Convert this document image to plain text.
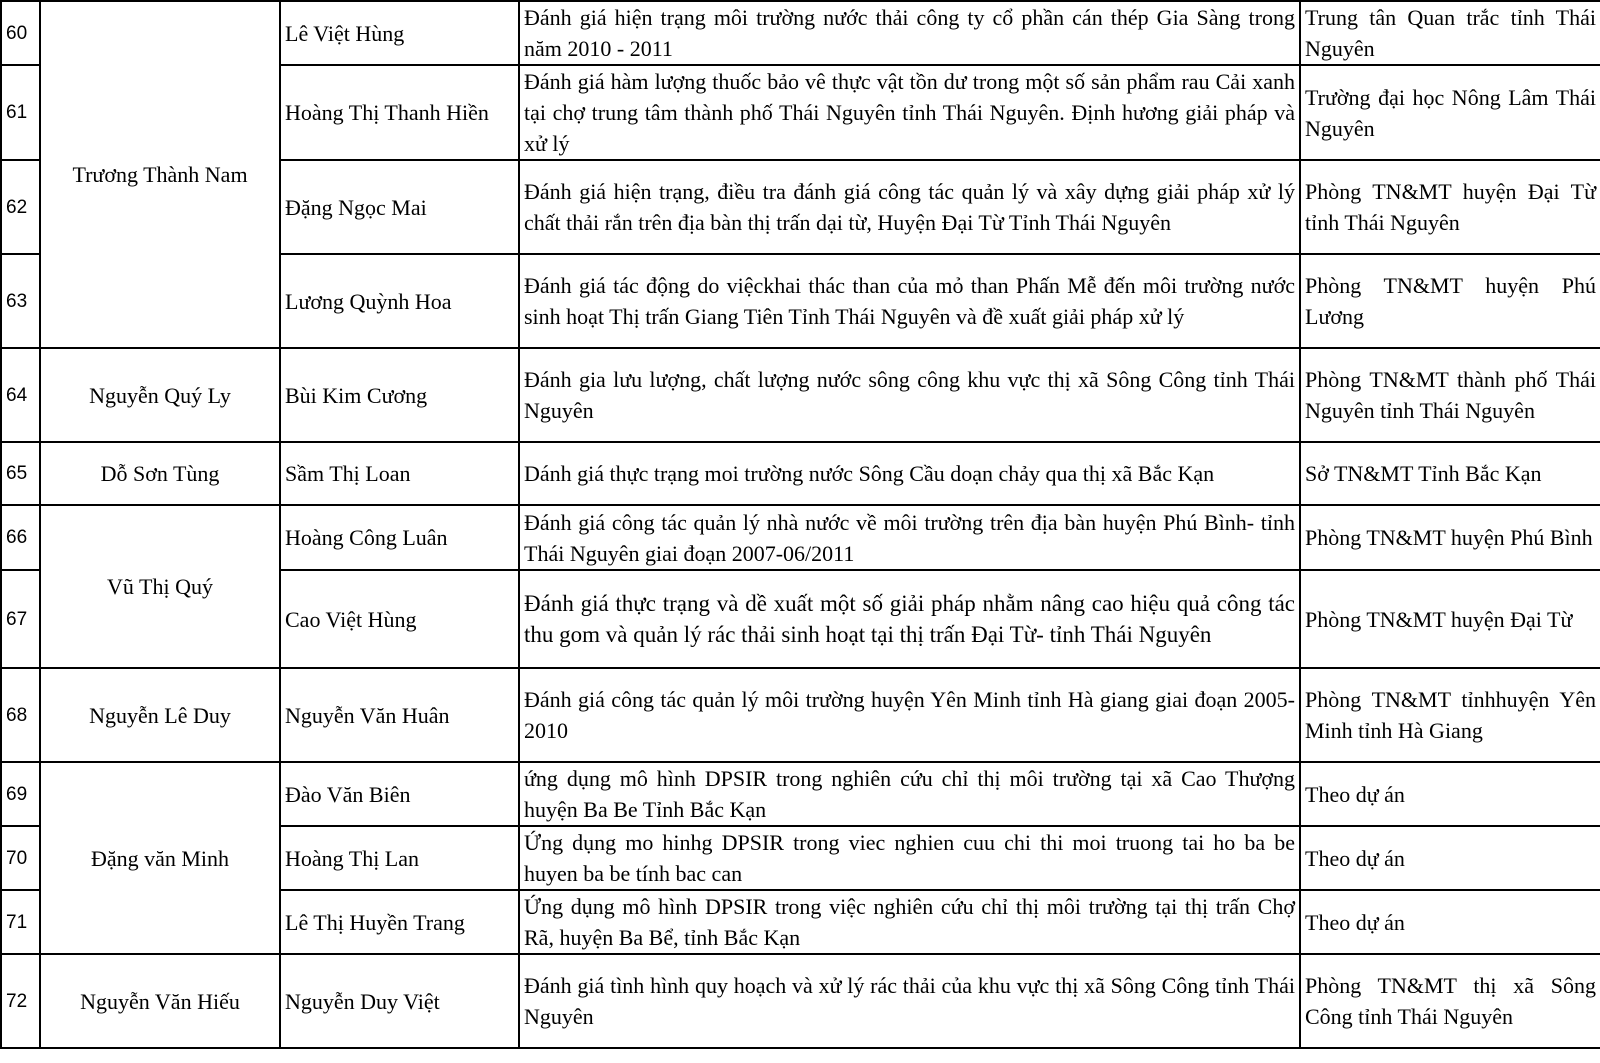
60	Trương Thành Nam	Lê Việt Hùng	Đánh giá hiện trạng môi trường nước thải công ty cổ phần cán thép Gia Sàng trong năm 2010 - 2011	Trung tân Quan trắc tỉnh Thái Nguyên
61		Hoàng Thị Thanh Hiền	Đánh giá hàm lượng thuốc bảo vê thực vật tồn dư trong một số sản phẩm rau Cải xanh tại chợ trung tâm thành phố Thái Nguyên tỉnh Thái Nguyên. Định hương giải pháp và xử lý	Trường đại học Nông Lâm Thái Nguyên
62		Đặng Ngọc Mai	Đánh giá hiện trạng, điều tra đánh giá công tác quản lý và xây dựng giải pháp xử lý chất thải rắn trên địa bàn thị trấn dại từ, Huyện Đại Từ Tỉnh Thái Nguyên	Phòng TN&MT huyện Đại Từ tỉnh Thái Nguyên
63		Lương Quỳnh Hoa	Đánh giá tác động do việckhai thác than của mỏ than Phấn Mễ đến môi trường nước sinh hoạt Thị trấn Giang Tiên Tỉnh Thái Nguyên và đề xuất giải pháp xử lý	Phòng TN&MT huyện Phú Lương
64	Nguyễn Quý Ly	Bùi Kim Cương	Đánh gia lưu lượng, chất lượng nước sông công khu vực thị xã Sông Công tỉnh Thái Nguyên	Phòng TN&MT thành phố Thái Nguyên tỉnh Thái Nguyên
65	Dỗ Sơn Tùng	Sầm Thị Loan	Dánh giá thực trạng moi trường nước Sông Cầu doạn chảy qua thị xã Bắc Kạn	Sở TN&MT Tỉnh Bắc Kạn
66	Vũ Thị Quý	Hoàng Công Luân	Đánh giá công tác quản lý nhà nước về môi trường trên địa bàn huyện Phú Bình- tỉnh Thái Nguyên giai đoạn 2007-06/2011	Phòng TN&MT huyện Phú Bình
67		Cao Việt Hùng	Đánh giá thực trạng và dề xuất một số giải pháp nhằm nâng cao hiệu quả công tác thu gom và quản lý rác thải sinh hoạt tại thị trấn Đại Từ- tỉnh Thái Nguyên	Phòng TN&MT huyện Đại Từ
68	Nguyễn Lê Duy	Nguyễn Văn Huân	Đánh giá công tác quản lý môi trường huyện Yên Minh tỉnh Hà giang giai đoạn 2005-2010	Phòng TN&MT tỉnhhuyện Yên Minh tỉnh Hà Giang
69	Đặng văn Minh	Đào Văn Biên	ứng dụng mô hình DPSIR trong nghiên cứu chỉ thị môi trường tại xã Cao Thượng huyện Ba Be Tỉnh Bắc Kạn	Theo dự án
70		Hoàng Thị Lan	Ứng dụng mo hinhg DPSIR trong viec nghien cuu chi thi moi truong tai ho ba be huyen ba be tính bac can	Theo dự án
71		Lê Thị Huyền Trang	Ứng dụng mô hình DPSIR trong việc nghiên cứu chỉ thị môi trường tại thị trấn Chợ Rã, huyện Ba Bể, tỉnh Bắc Kạn	Theo dự án
72	Nguyễn Văn Hiếu	Nguyễn Duy Việt	Đánh giá tình hình quy hoạch và xử lý rác thải của khu vực thị xã Sông Công tỉnh Thái Nguyên	Phòng TN&MT thị xã Sông Công tỉnh Thái Nguyên
